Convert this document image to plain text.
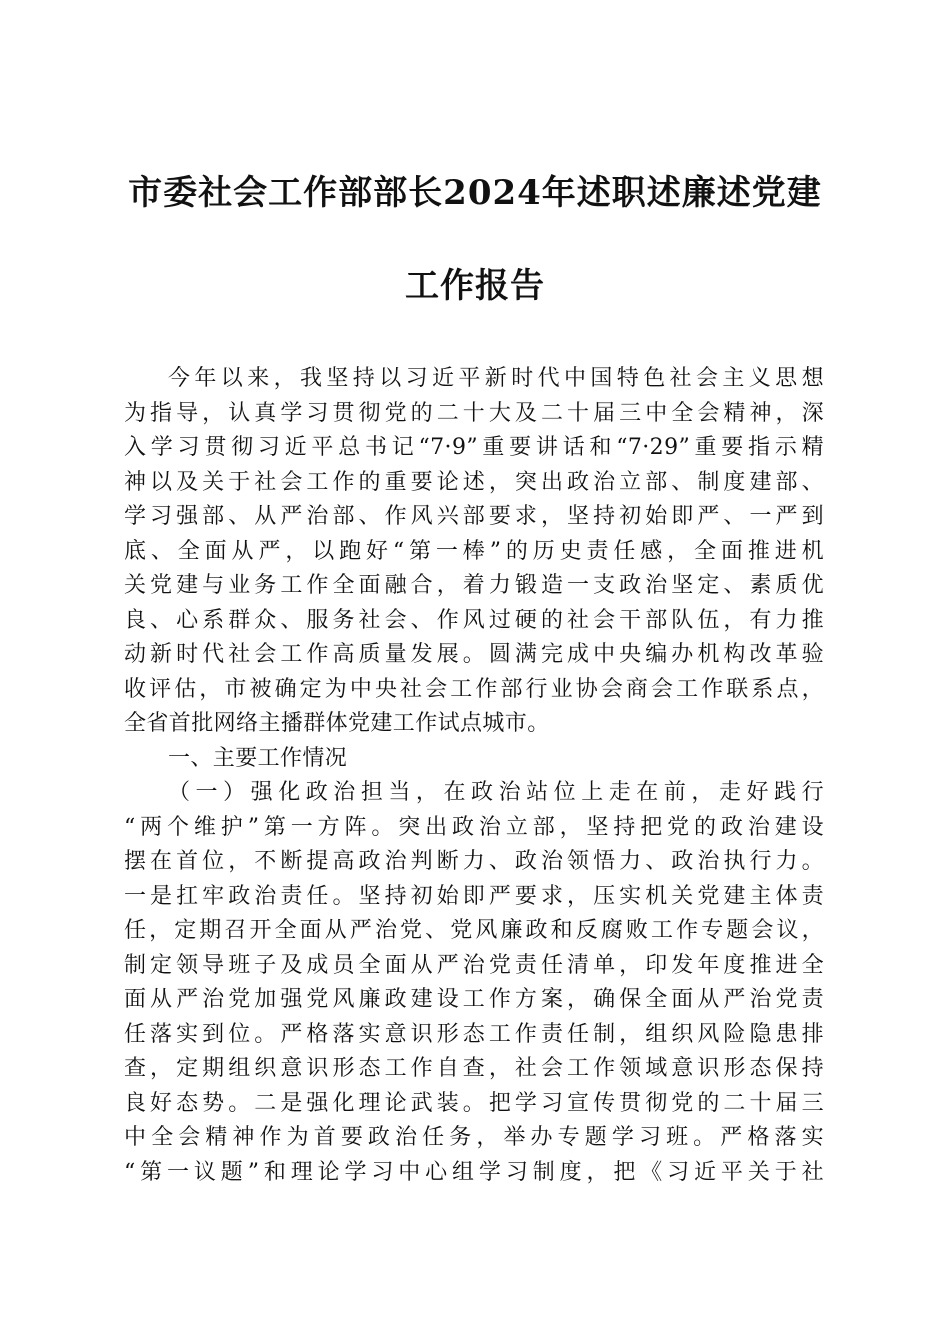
市委社会工作部部长2024年述职述廉述党建
工作报告
今年以来，我坚持以习近平新时代中国特色社会主义思想
为指导，认真学习贯彻党的二十大及二十届三中全会精神，深
入学习贯彻习近平总书记“7·9”重要讲话和“7·29”重要指示精
神以及关于社会工作的重要论述，突出政治立部、制度建部、
学习强部、从严治部、作风兴部要求，坚持初始即严、一严到
底、全面从严，以跑好“第一棒”的历史责任感，全面推进机
关党建与业务工作全面融合，着力锻造一支政治坚定、素质优
良、心系群众、服务社会、作风过硬的社会干部队伍，有力推
动新时代社会工作高质量发展。圆满完成中央编办机构改革验
收评估，市被确定为中央社会工作部行业协会商会工作联系点，
全省首批网络主播群体党建工作试点城市。
一、主要工作情况
（一）强化政治担当，在政治站位上走在前，走好践行
“两个维护”第一方阵。突出政治立部，坚持把党的政治建设
摆在首位，不断提高政治判断力、政治领悟力、政治执行力。
一是扛牢政治责任。坚持初始即严要求，压实机关党建主体责
任，定期召开全面从严治党、党风廉政和反腐败工作专题会议，
制定领导班子及成员全面从严治党责任清单，印发年度推进全
面从严治党加强党风廉政建设工作方案，确保全面从严治党责
任落实到位。严格落实意识形态工作责任制，组织风险隐患排
查，定期组织意识形态工作自查，社会工作领域意识形态保持
良好态势。二是强化理论武装。把学习宣传贯彻党的二十届三
中全会精神作为首要政治任务，举办专题学习班。严格落实
“第一议题”和理论学习中心组学习制度，把《习近平关于社
